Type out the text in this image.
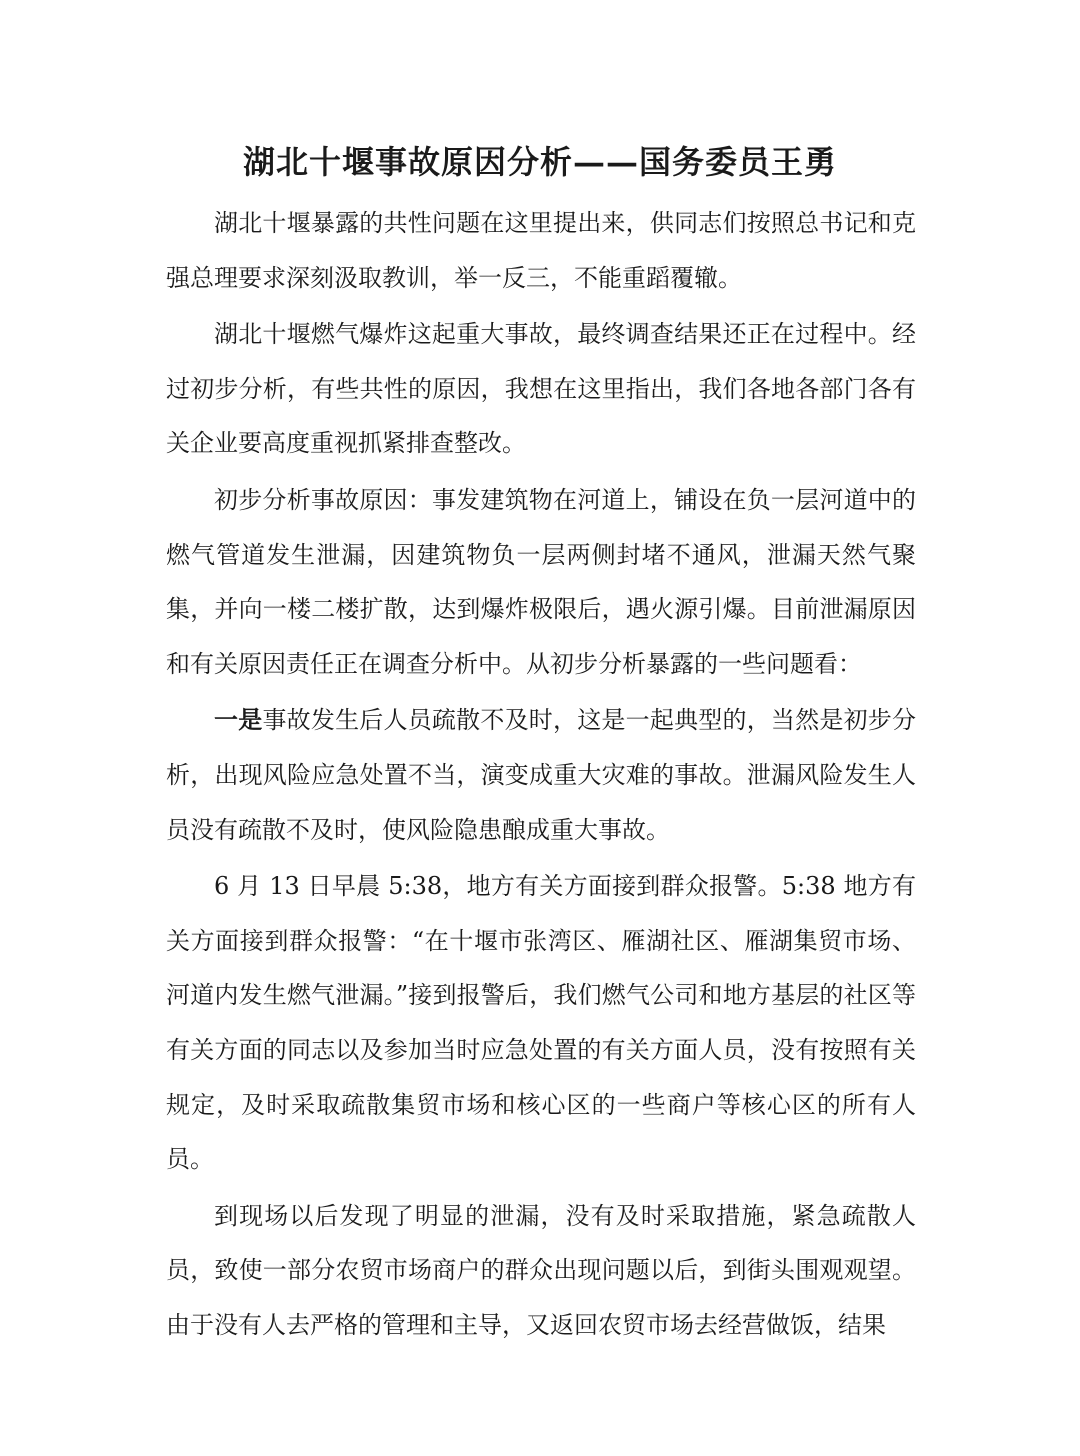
湖北十堰事故原因分析——国务委员王勇

湖北十堰暴露的共性问题在这里提出来，供同志们按照总书记和克强总理要求深刻汲取教训，举一反三，不能重蹈覆辙。

湖北十堰燃气爆炸这起重大事故，最终调查结果还正在过程中。经过初步分析，有些共性的原因，我想在这里指出，我们各地各部门各有关企业要高度重视抓紧排查整改。

初步分析事故原因：事发建筑物在河道上，铺设在负一层河道中的燃气管道发生泄漏，因建筑物负一层两侧封堵不通风，泄漏天然气聚集，并向一楼二楼扩散，达到爆炸极限后，遇火源引爆。目前泄漏原因和有关原因责任正在调查分析中。从初步分析暴露的一些问题看：

一是事故发生后人员疏散不及时，这是一起典型的，当然是初步分析，出现风险应急处置不当，演变成重大灾难的事故。泄漏风险发生人员没有疏散不及时，使风险隐患酿成重大事故。

6 月 13 日早晨 5:38，地方有关方面接到群众报警。5:38 地方有关方面接到群众报警：“在十堰市张湾区、雁湖社区、雁湖集贸市场、河道内发生燃气泄漏。”接到报警后，我们燃气公司和地方基层的社区等有关方面的同志以及参加当时应急处置的有关方面人员，没有按照有关规定，及时采取疏散集贸市场和核心区的一些商户等核心区的所有人员。

到现场以后发现了明显的泄漏，没有及时采取措施，紧急疏散人员，致使一部分农贸市场商户的群众出现问题以后，到街头围观观望。由于没有人去严格的管理和主导，又返回农贸市场去经营做饭，结果
